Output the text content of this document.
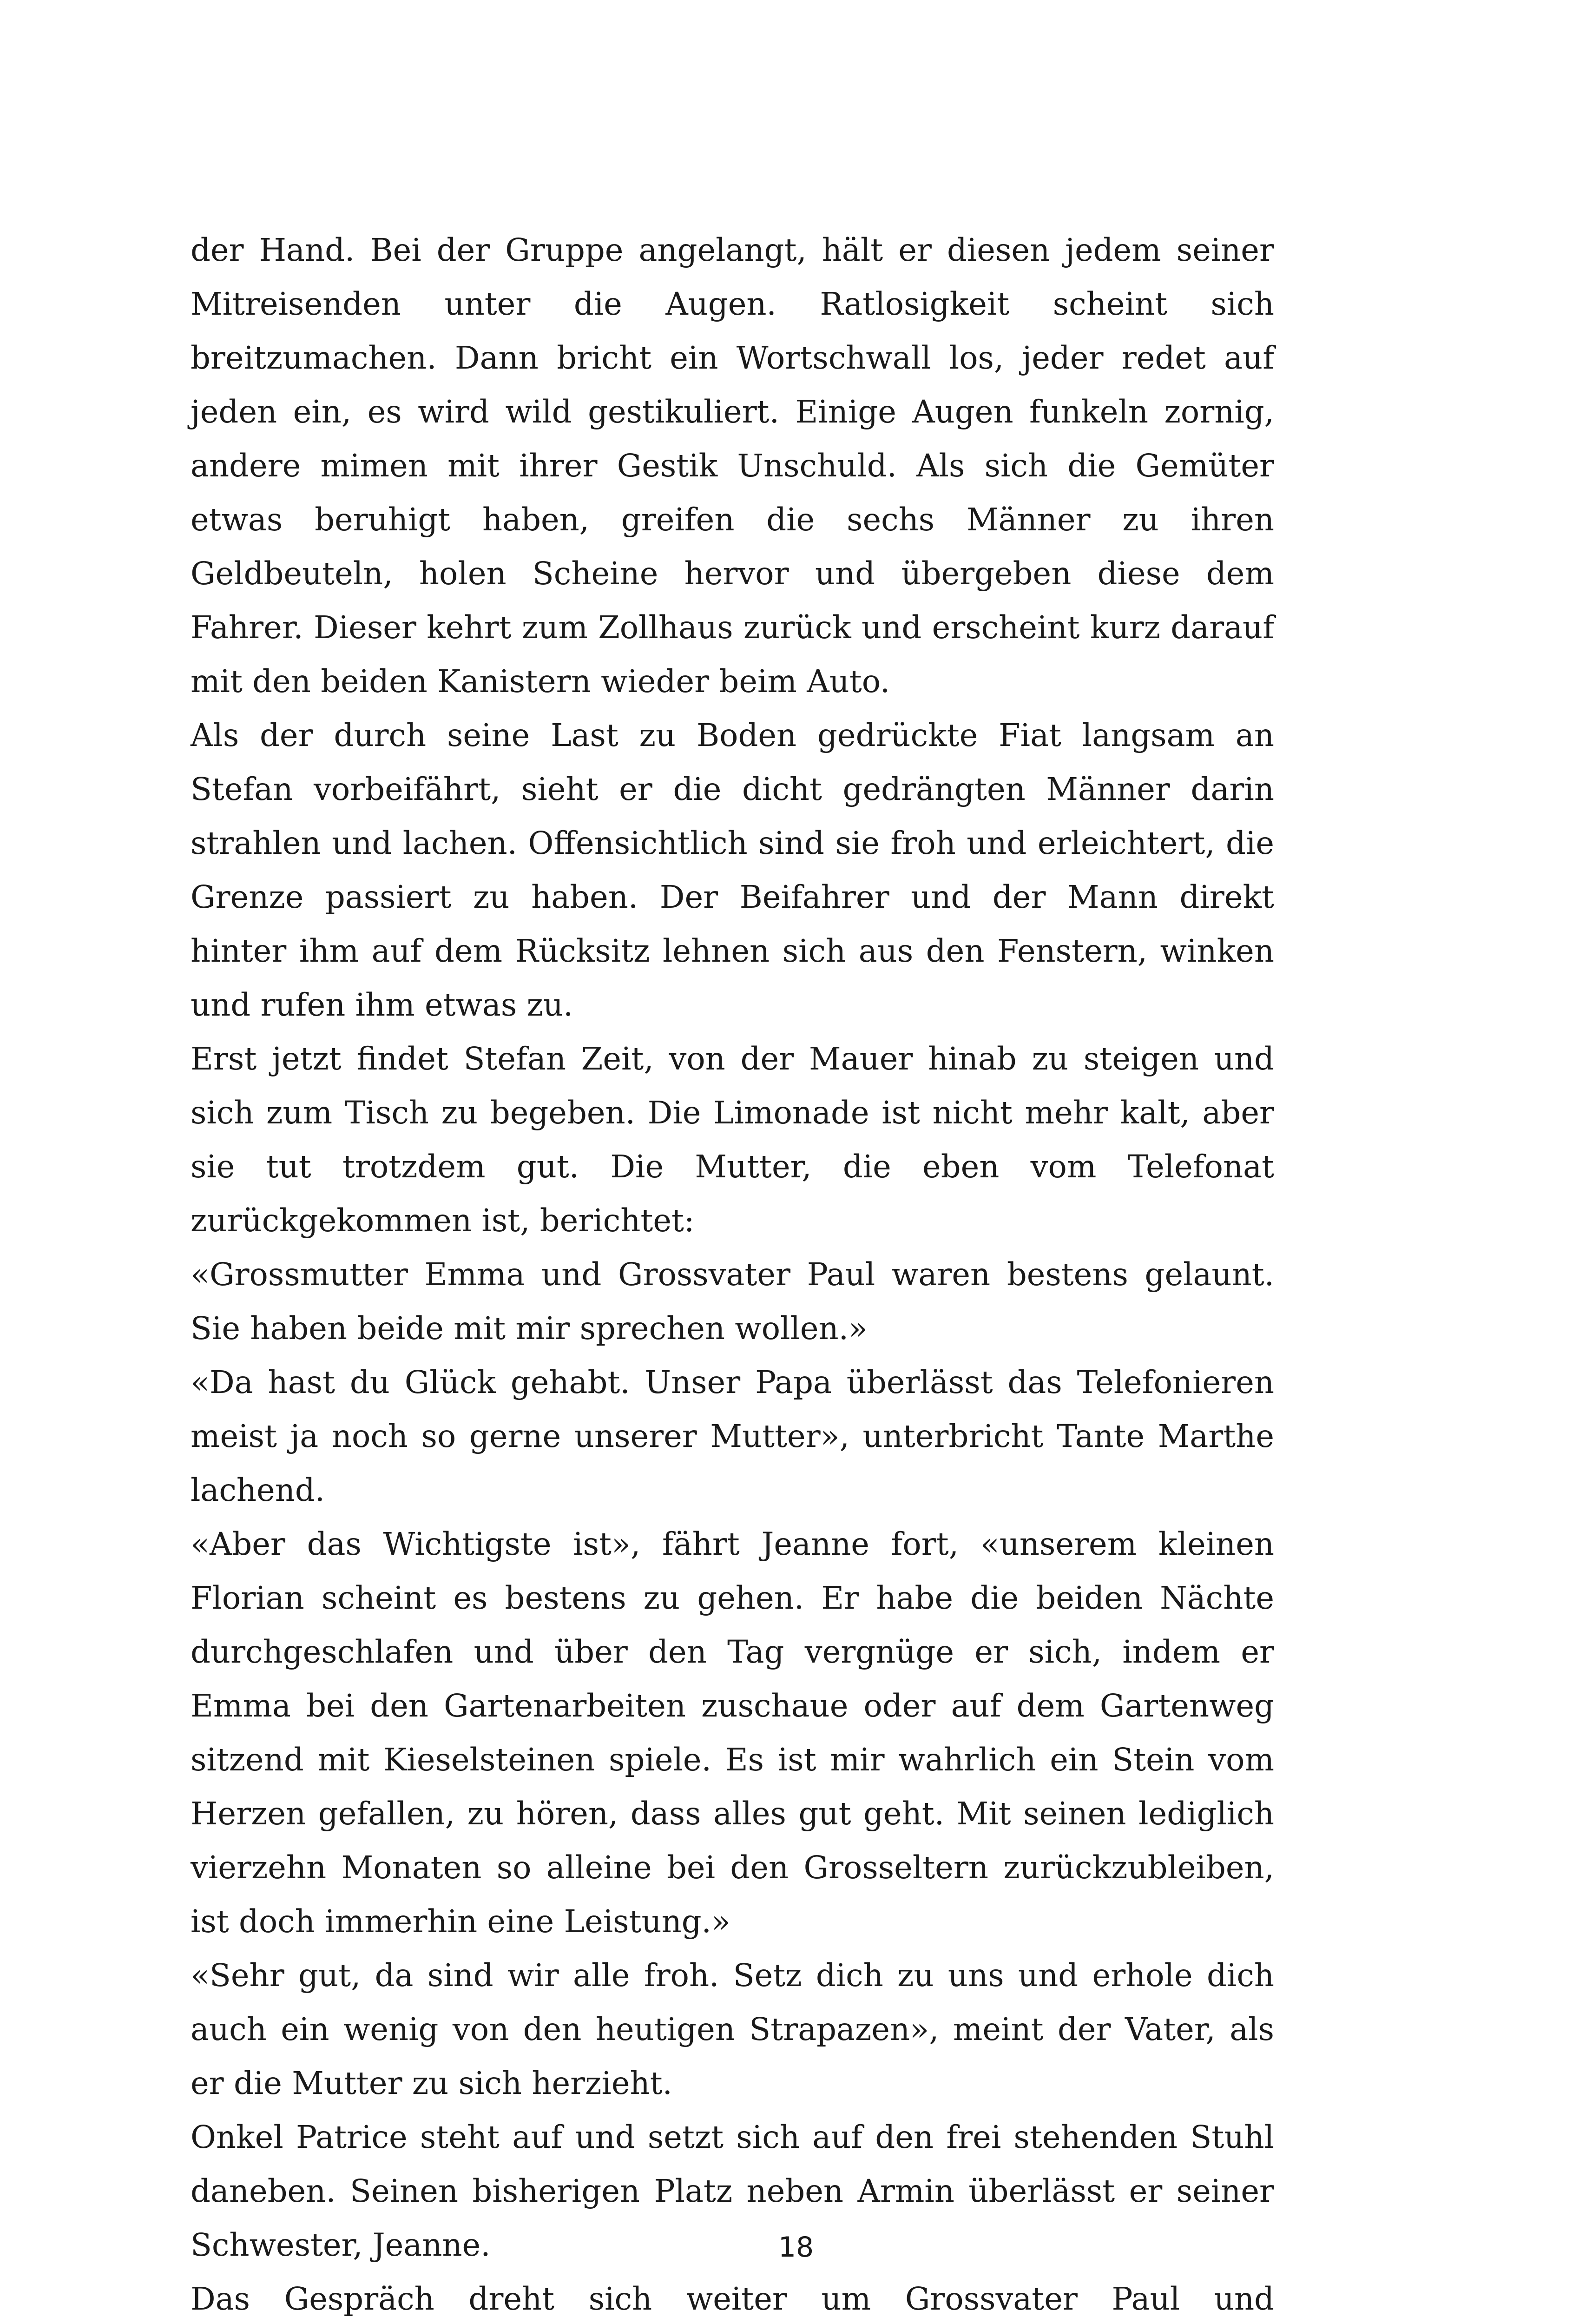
der Hand. Bei der Gruppe angelangt, hält er diesen jedem seiner Mitreisenden unter die Augen. Ratlosigkeit scheint sich breitzumachen. Dann bricht ein Wortschwall los, jeder redet auf jeden ein, es wird wild gestikuliert. Einige Augen funkeln zornig, andere mimen mit ihrer Gestik Unschuld. Als sich die Gemüter etwas beruhigt haben, greifen die sechs Männer zu ihren Geldbeuteln, holen Scheine hervor und übergeben diese dem Fahrer. Dieser kehrt zum Zollhaus zurück und erscheint kurz darauf mit den beiden Kanistern wieder beim Auto.

Als der durch seine Last zu Boden gedrückte Fiat langsam an Stefan vorbeifährt, sieht er die dicht gedrängten Männer darin strahlen und lachen. Offensichtlich sind sie froh und erleichtert, die Grenze passiert zu haben. Der Beifahrer und der Mann direkt hinter ihm auf dem Rücksitz lehnen sich aus den Fenstern, winken und rufen ihm etwas zu.

Erst jetzt findet Stefan Zeit, von der Mauer hinab zu steigen und sich zum Tisch zu begeben. Die Limonade ist nicht mehr kalt, aber sie tut trotzdem gut. Die Mutter, die eben vom Telefonat zurückgekommen ist, berichtet:

«Grossmutter Emma und Grossvater Paul waren bestens gelaunt. Sie haben beide mit mir sprechen wollen.»

«Da hast du Glück gehabt. Unser Papa überlässt das Telefonieren meist ja noch so gerne unserer Mutter», unterbricht Tante Marthe lachend.

«Aber das Wichtigste ist», fährt Jeanne fort, «unserem kleinen Florian scheint es bestens zu gehen. Er habe die beiden Nächte durchgeschlafen und über den Tag vergnüge er sich, indem er Emma bei den Gartenarbeiten zuschaue oder auf dem Gartenweg sitzend mit Kieselsteinen spiele. Es ist mir wahrlich ein Stein vom Herzen gefallen, zu hören, dass alles gut geht. Mit seinen lediglich vierzehn Monaten so alleine bei den Grosseltern zurückzubleiben, ist doch immerhin eine Leistung.»

«Sehr gut, da sind wir alle froh. Setz dich zu uns und erhole dich auch ein wenig von den heutigen Strapazen», meint der Vater, als er die Mutter zu sich herzieht.

Onkel Patrice steht auf und setzt sich auf den frei stehenden Stuhl daneben. Seinen bisherigen Platz neben Armin überlässt er seiner Schwester, Jeanne.

Das Gespräch dreht sich weiter um Grossvater Paul und

18
